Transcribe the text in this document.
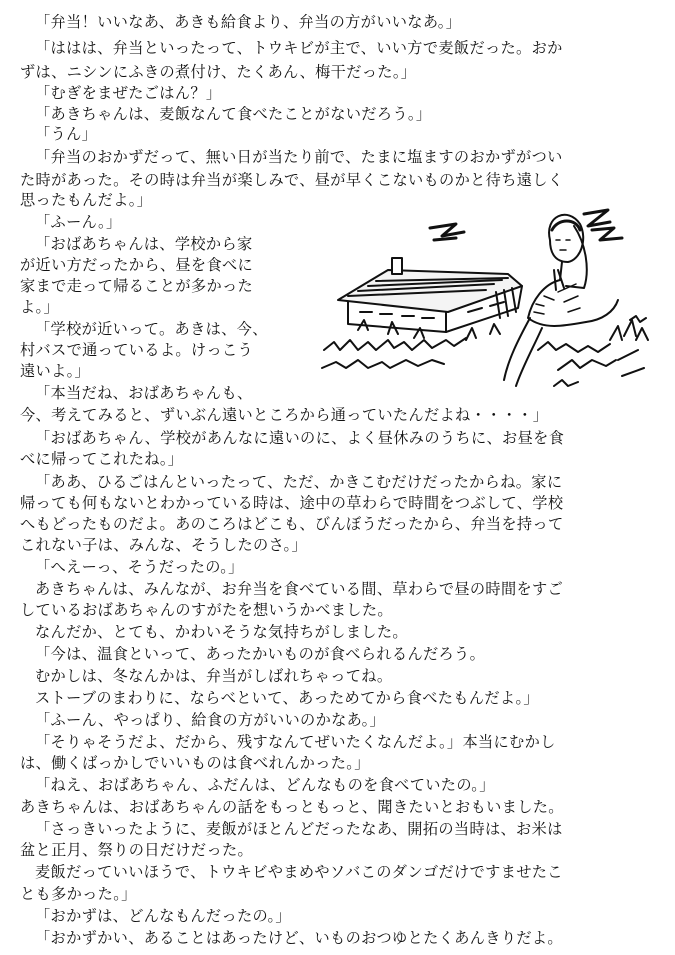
「弁当！いいなあ、あきも給食より、弁当の方がいいなあ。」
「ははは、弁当といったって、トウキビが主で、いい方で麦飯だった。おか
ずは、ニシンにふきの煮付け、たくあん、梅干だった。」
「むぎをまぜたごはん？」
「あきちゃんは、麦飯なんて食べたことがないだろう。」
「うん」
「弁当のおかずだって、無い日が当たり前で、たまに塩ますのおかずがつい
た時があった。その時は弁当が楽しみで、昼が早くこないものかと待ち遠しく
思ったもんだよ。」
「ふーん。」
「おばあちゃんは、学校から家
が近い方だったから、昼を食べに
家まで走って帰ることが多かった
よ。」
「学校が近いって。あきは、今、
村バスで通っているよ。けっこう
遠いよ。」
「本当だね、おばあちゃんも、
今、考えてみると、ずいぶん遠いところから通っていたんだよね・・・・」
「おばあちゃん、学校があんなに遠いのに、よく昼休みのうちに、お昼を食
べに帰ってこれたね。」
「ああ、ひるごはんといったって、ただ、かきこむだけだったからね。家に
帰っても何もないとわかっている時は、途中の草わらで時間をつぶして、学校
へもどったものだよ。あのころはどこも、びんぼうだったから、弁当を持って
これない子は、みんな、そうしたのさ。」
「へえーっ、そうだったの。」
あきちゃんは、みんなが、お弁当を食べている間、草わらで昼の時間をすご
しているおばあちゃんのすがたを想いうかべました。
なんだか、とても、かわいそうな気持ちがしました。
「今は、温食といって、あったかいものが食べられるんだろう。
むかしは、冬なんかは、弁当がしばれちゃってね。
ストーブのまわりに、ならべといて、あっためてから食べたもんだよ。」
「ふーん、やっぱり、給食の方がいいのかなあ。」
「そりゃそうだよ、だから、残すなんてぜいたくなんだよ。」本当にむかし
は、働くばっかしでいいものは食べれんかった。」
「ねえ、おばあちゃん、ふだんは、どんなものを食べていたの。」
あきちゃんは、おばあちゃんの話をもっともっと、聞きたいとおもいました。
「さっきいったように、麦飯がほとんどだったなあ、開拓の当時は、お米は
盆と正月、祭りの日だけだった。
麦飯だっていいほうで、トウキビやまめやソバこのダンゴだけですませたこ
とも多かった。」
「おかずは、どんなもんだったの。」
「おかずかい、あることはあったけど、いものおつゆとたくあんきりだよ。
